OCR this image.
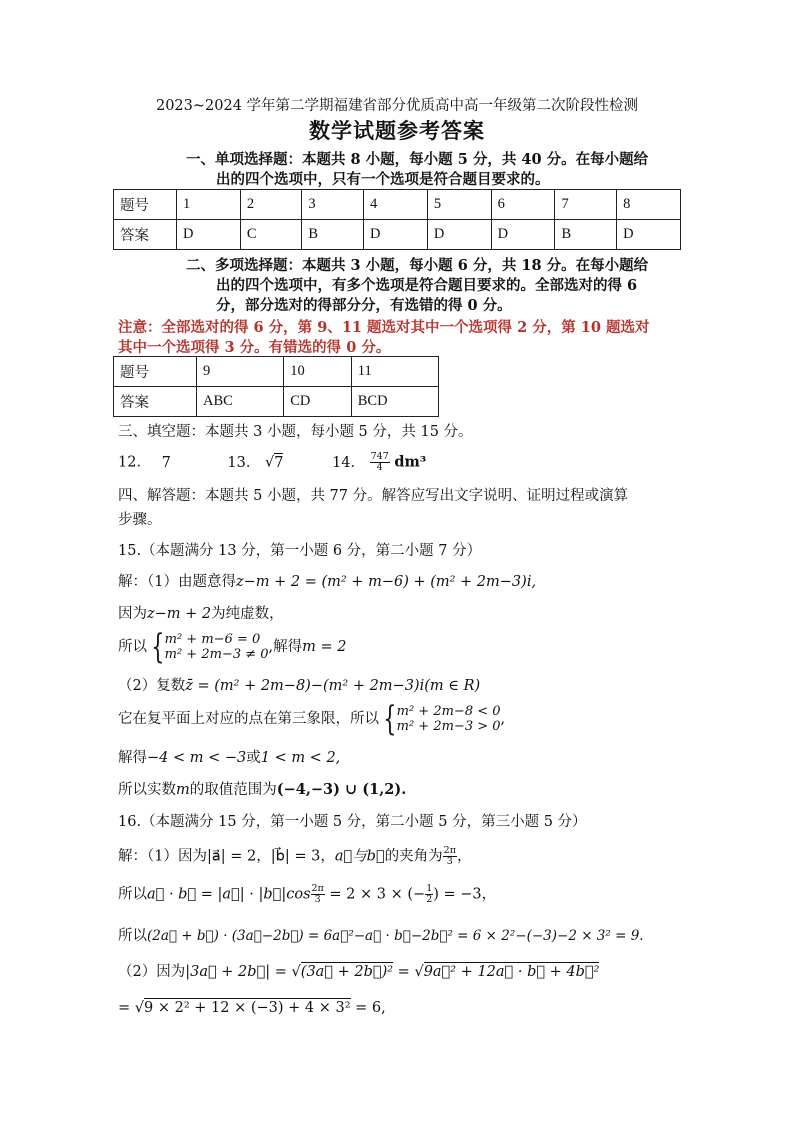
2023~2024 学年第二学期福建省部分优质高中高一年级第二次阶段性检测
数学试题参考答案
一、单项选择题：本题共 8 小题，每小题 5 分，共 40 分。在每小题给
出的四个选项中，只有一个选项是符合题目要求的。
题号	1	2	3	4	5	6	7	8
答案	D	C	B	D	D	D	B	D
二、多项选择题：本题共 3 小题，每小题 6 分，共 18 分。在每小题给
出的四个选项中，有多个选项是符合题目要求的。全部选对的得 6
分，部分选对的得部分分，有选错的得 0 分。
注意：全部选对的得 6 分，第 9、11 题选对其中一个选项得 2 分，第 10 题选对
其中一个选项得 3 分。有错选的得 0 分。
题号	9	10	11
答案	ABC	CD	BCD
三、填空题：本题共 3 小题，每小题 5 分，共 15 分。
12． 7	13． √7	14． $\frac{747}{4} dm^3$
四、解答题：本题共 5 小题，共 77 分。解答应写出文字说明、证明过程或演算
步骤。
15.（本题满分 13 分，第一小题 6 分，第二小题 7 分）
解：（1）由题意得z−m + 2 = (m² + m−6) + (m² + 2m−3)i,
因为z−m + 2为纯虚数，
所以 { m² + m−6 = 0
m² + 2m−3 ≠ 0 ,解得m = 2
（2）复数z̄ = (m² + 2m−8)−(m² + 2m−3)i(m ∈ R)
它在复平面上对应的点在第三象限，所以 { m² + 2m−8 < 0
m² + 2m−3 > 0 ,
解得−4 < m < −3或1 < m < 2,
所以实数m的取值范围为(−4,−3) ∪ (1,2).
16.（本题满分 15 分，第一小题 5 分，第二小题 5 分，第三小题 5 分）
解：（1）因为|a⃗| = 2，|b⃗| = 3，a⃗与b⃗的夹角为 $\frac{2\pi}{3}$ ，
所以a⃗ · b⃗ = |a⃗| · |b⃗|cos $\frac{2\pi}{3} = 2 \times 3$ × (− $\frac{1}{2}$ ) = −3，
所以(2a⃗ + b⃗) · (3a⃗−2b⃗) = 6a⃗²−a⃗ · b⃗−2b⃗² = 6 × 2²−(−3)−2 × 3² = 9.
（2）因为|3a⃗ + 2b⃗| = √(3a⃗ + 2b⃗)² = √9a⃗² + 12a⃗ · b⃗ + 4b⃗²
= √9 × 2² + 12 × (−3) + 4 × 3² = 6,
